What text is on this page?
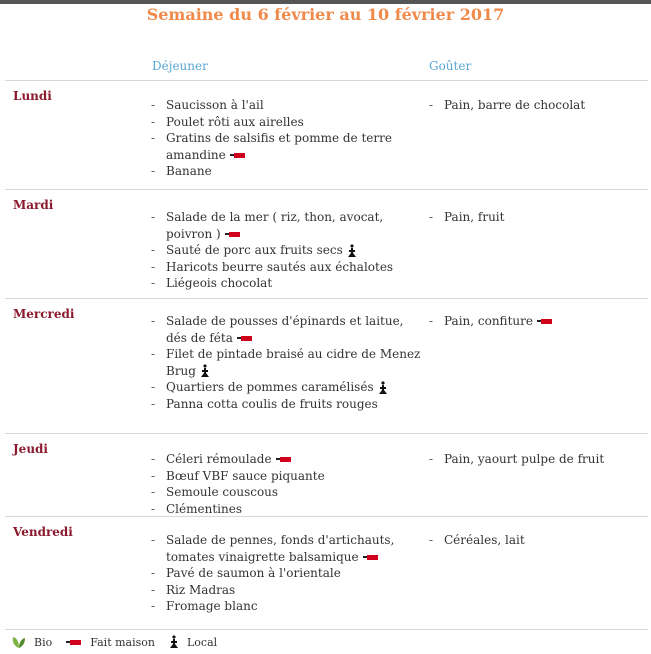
Semaine du 6 février au 10 février 2017
Déjeuner	Goûter
Lundi
- Saucisson à l'ail
- Poulet rôti aux airelles
- Gratins de salsifis et pomme de terre amandine
- Banane
- Pain, barre de chocolat
Mardi
- Salade de la mer ( riz, thon, avocat, poivron )
- Sauté de porc aux fruits secs
- Haricots beurre sautés aux échalotes
- Liégeois chocolat
- Pain, fruit
Mercredi
-	Salade de pousses d'épinards et laitue, dés de féta
- Filet de pintade braisé au cidre de Menez Brug
- Quartiers de pommes caramélisés
- Panna cotta coulis de fruits rouges
- Pain, confiture
Jeudi
- Céleri rémoulade
- Bœuf VBF sauce piquante
- Semoule couscous
- Clémentines
- Pain, yaourt pulpe de fruit
Vendredi
- Salade de pennes, fonds d'artichauts, tomates vinaigrette balsamique
- Pavé de saumon à l'orientale
- Riz Madras
- Fromage blanc
- Céréales, lait
Bio	Fait maison	Local
